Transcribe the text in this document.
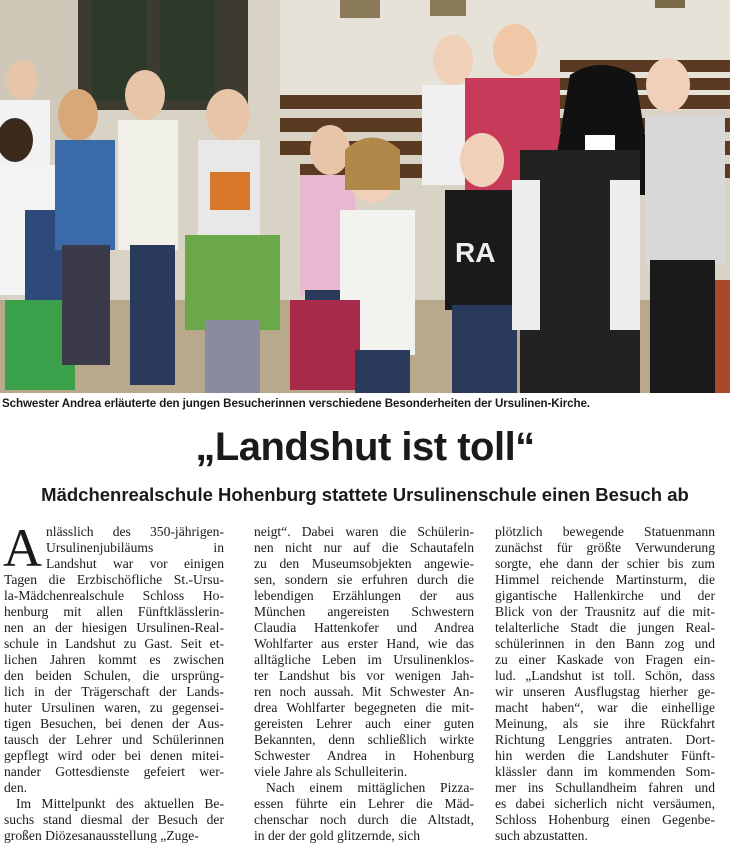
RA
Schwester Andrea erläuterte den jungen Besucherinnen verschiedene Besonderheiten der Ursulinen-Kirche.
„Landshut ist toll“
Mädchenrealschule Hohenburg stattete Ursulinenschule einen Besuch ab
A nlässlich des 350-jährigen-
Ursulinenjubiläums in
Landshut war vor einigen
Tagen die Erzbischöfliche St.-Ursu-
la-Mädchenrealschule Schloss Ho-
henburg mit allen Fünftklässlerin-
nen an der hiesigen Ursulinen-Real-
schule in Landshut zu Gast. Seit et-
lichen Jahren kommt es zwischen
den beiden Schulen, die ursprüng-
lich in der Trägerschaft der Lands-
huter Ursulinen waren, zu gegensei-
tigen Besuchen, bei denen der Aus-
tausch der Lehrer und Schülerinnen
gepflegt wird oder bei denen mitei-
nander Gottesdienste gefeiert wer-
den.
Im Mittelpunkt des aktuellen Be-
suchs stand diesmal der Besuch der
großen Diözesanausstellung „Zuge-
neigt“. Dabei waren die Schülerin-
nen nicht nur auf die Schautafeln
zu den Museumsobjekten angewie-
sen, sondern sie erfuhren durch die
lebendigen Erzählungen der aus
München angereisten Schwestern
Claudia Hattenkofer und Andrea
Wohlfarter aus erster Hand, wie das
alltägliche Leben im Ursulinenklos-
ter Landshut bis vor wenigen Jah-
ren noch aussah. Mit Schwester An-
drea Wohlfarter begegneten die mit-
gereisten Lehrer auch einer guten
Bekannten, denn schließlich wirkte
Schwester Andrea in Hohenburg
viele Jahre als Schulleiterin.
Nach einem mittäglichen Pizza-
essen führte ein Lehrer die Mäd-
chenschar noch durch die Altstadt,
in der der gold glitzernde, sich
plötzlich bewegende Statuenmann
zunächst für größte Verwunderung
sorgte, ehe dann der schier bis zum
Himmel reichende Martinsturm, die
gigantische Hallenkirche und der
Blick von der Trausnitz auf die mit-
telalterliche Stadt die jungen Real-
schülerinnen in den Bann zog und
zu einer Kaskade von Fragen ein-
lud. „Landshut ist toll. Schön, dass
wir unseren Ausflugstag hierher ge-
macht haben“, war die einhellige
Meinung, als sie ihre Rückfahrt
Richtung Lenggries antraten. Dort-
hin werden die Landshuter Fünft-
klässler dann im kommenden Som-
mer ins Schullandheim fahren und
es dabei sicherlich nicht versäumen,
Schloss Hohenburg einen Gegenbe-
such abzustatten.
